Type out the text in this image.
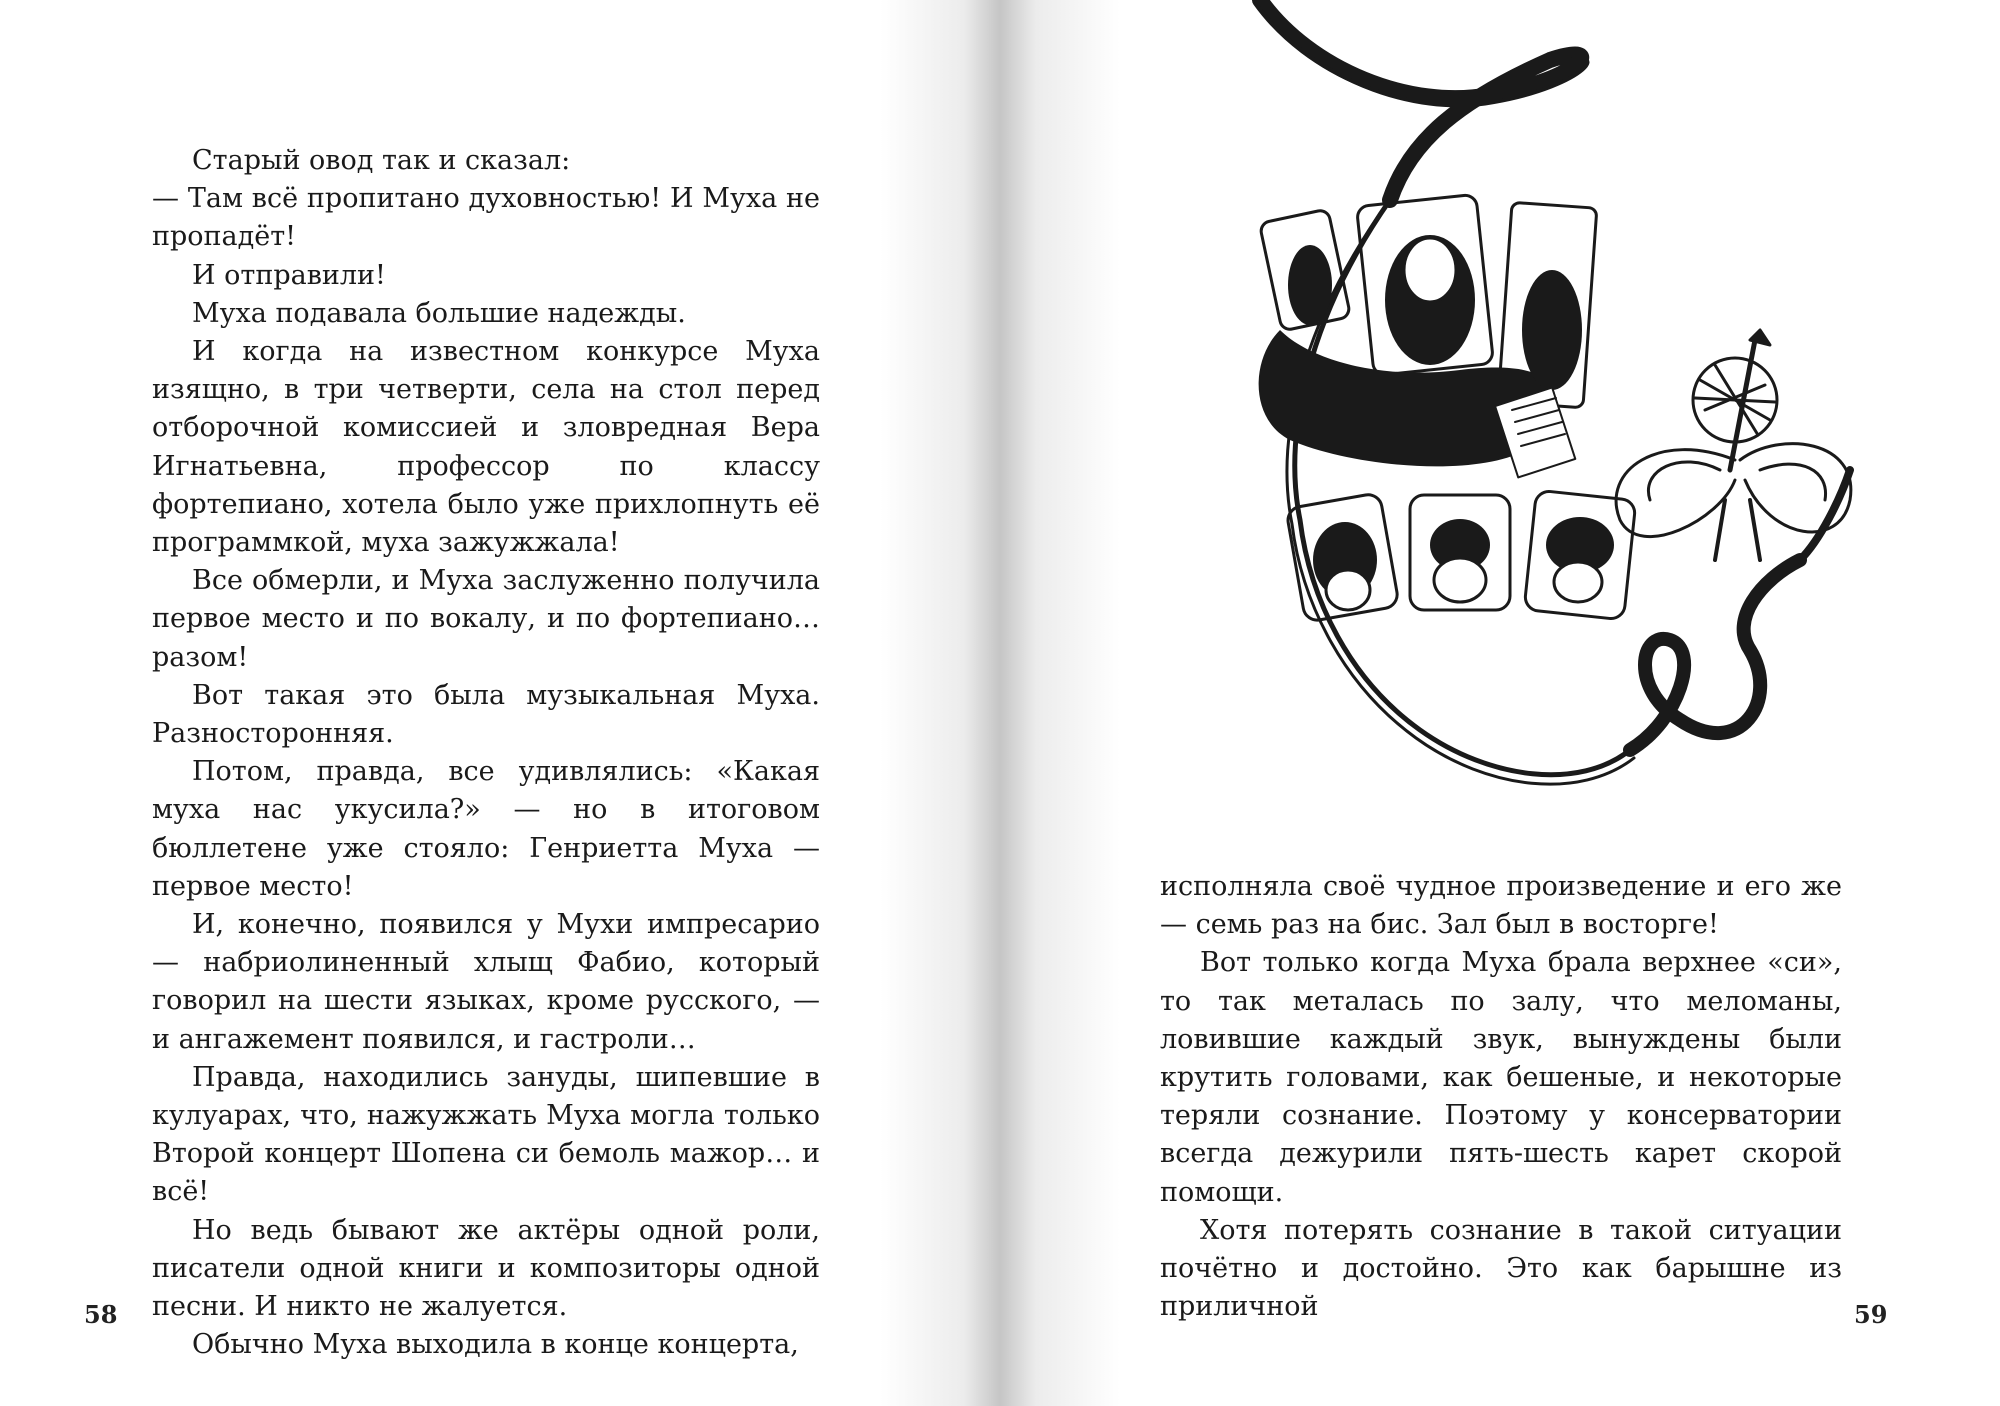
Старый овод так и сказал:

— Там всё пропитано духовностью! И Муха не пропадёт!

И отправили!

Муха подавала большие надежды.

И когда на известном конкурсе Муха изящно, в три четверти, села на стол перед отборочной комиссией и зловредная Вера Игнатьевна, профессор по классу фортепиано, хотела было уже прихлопнуть её программкой, муха зажужжала!

Все обмерли, и Муха заслуженно получила первое место и по вокалу, и по фортепиано… разом!

Вот такая это была музыкальная Муха. Разносторонняя.

Потом, правда, все удивлялись: «Какая муха нас укусила?» — но в итоговом бюллетене уже стояло: Генриетта Муха — первое место!

И, конечно, появился у Мухи импресарио — набриолиненный хлыщ Фабио, который говорил на шести языках, кроме русского, — и ангажемент появился, и гастроли…

Правда, находились зануды, шипевшие в кулуарах, что, нажужжать Муха могла только Второй концерт Шопена си бемоль мажор… и всё!

Но ведь бывают же актёры одной роли, писатели одной книги и композиторы одной песни. И никто не жалуется.

Обычно Муха выходила в конце концерта,

58

исполняла своё чудное произведение и его же — семь раз на бис. Зал был в восторге!

Вот только когда Муха брала верхнее «си», то так металась по залу, что меломаны, ловившие каждый звук, вынуждены были крутить головами, как бешеные, и некоторые теряли сознание. Поэтому у консерватории всегда дежурили пять-шесть карет скорой помощи.

Хотя потерять сознание в такой ситуации почётно и достойно. Это как барышне из приличной	59
